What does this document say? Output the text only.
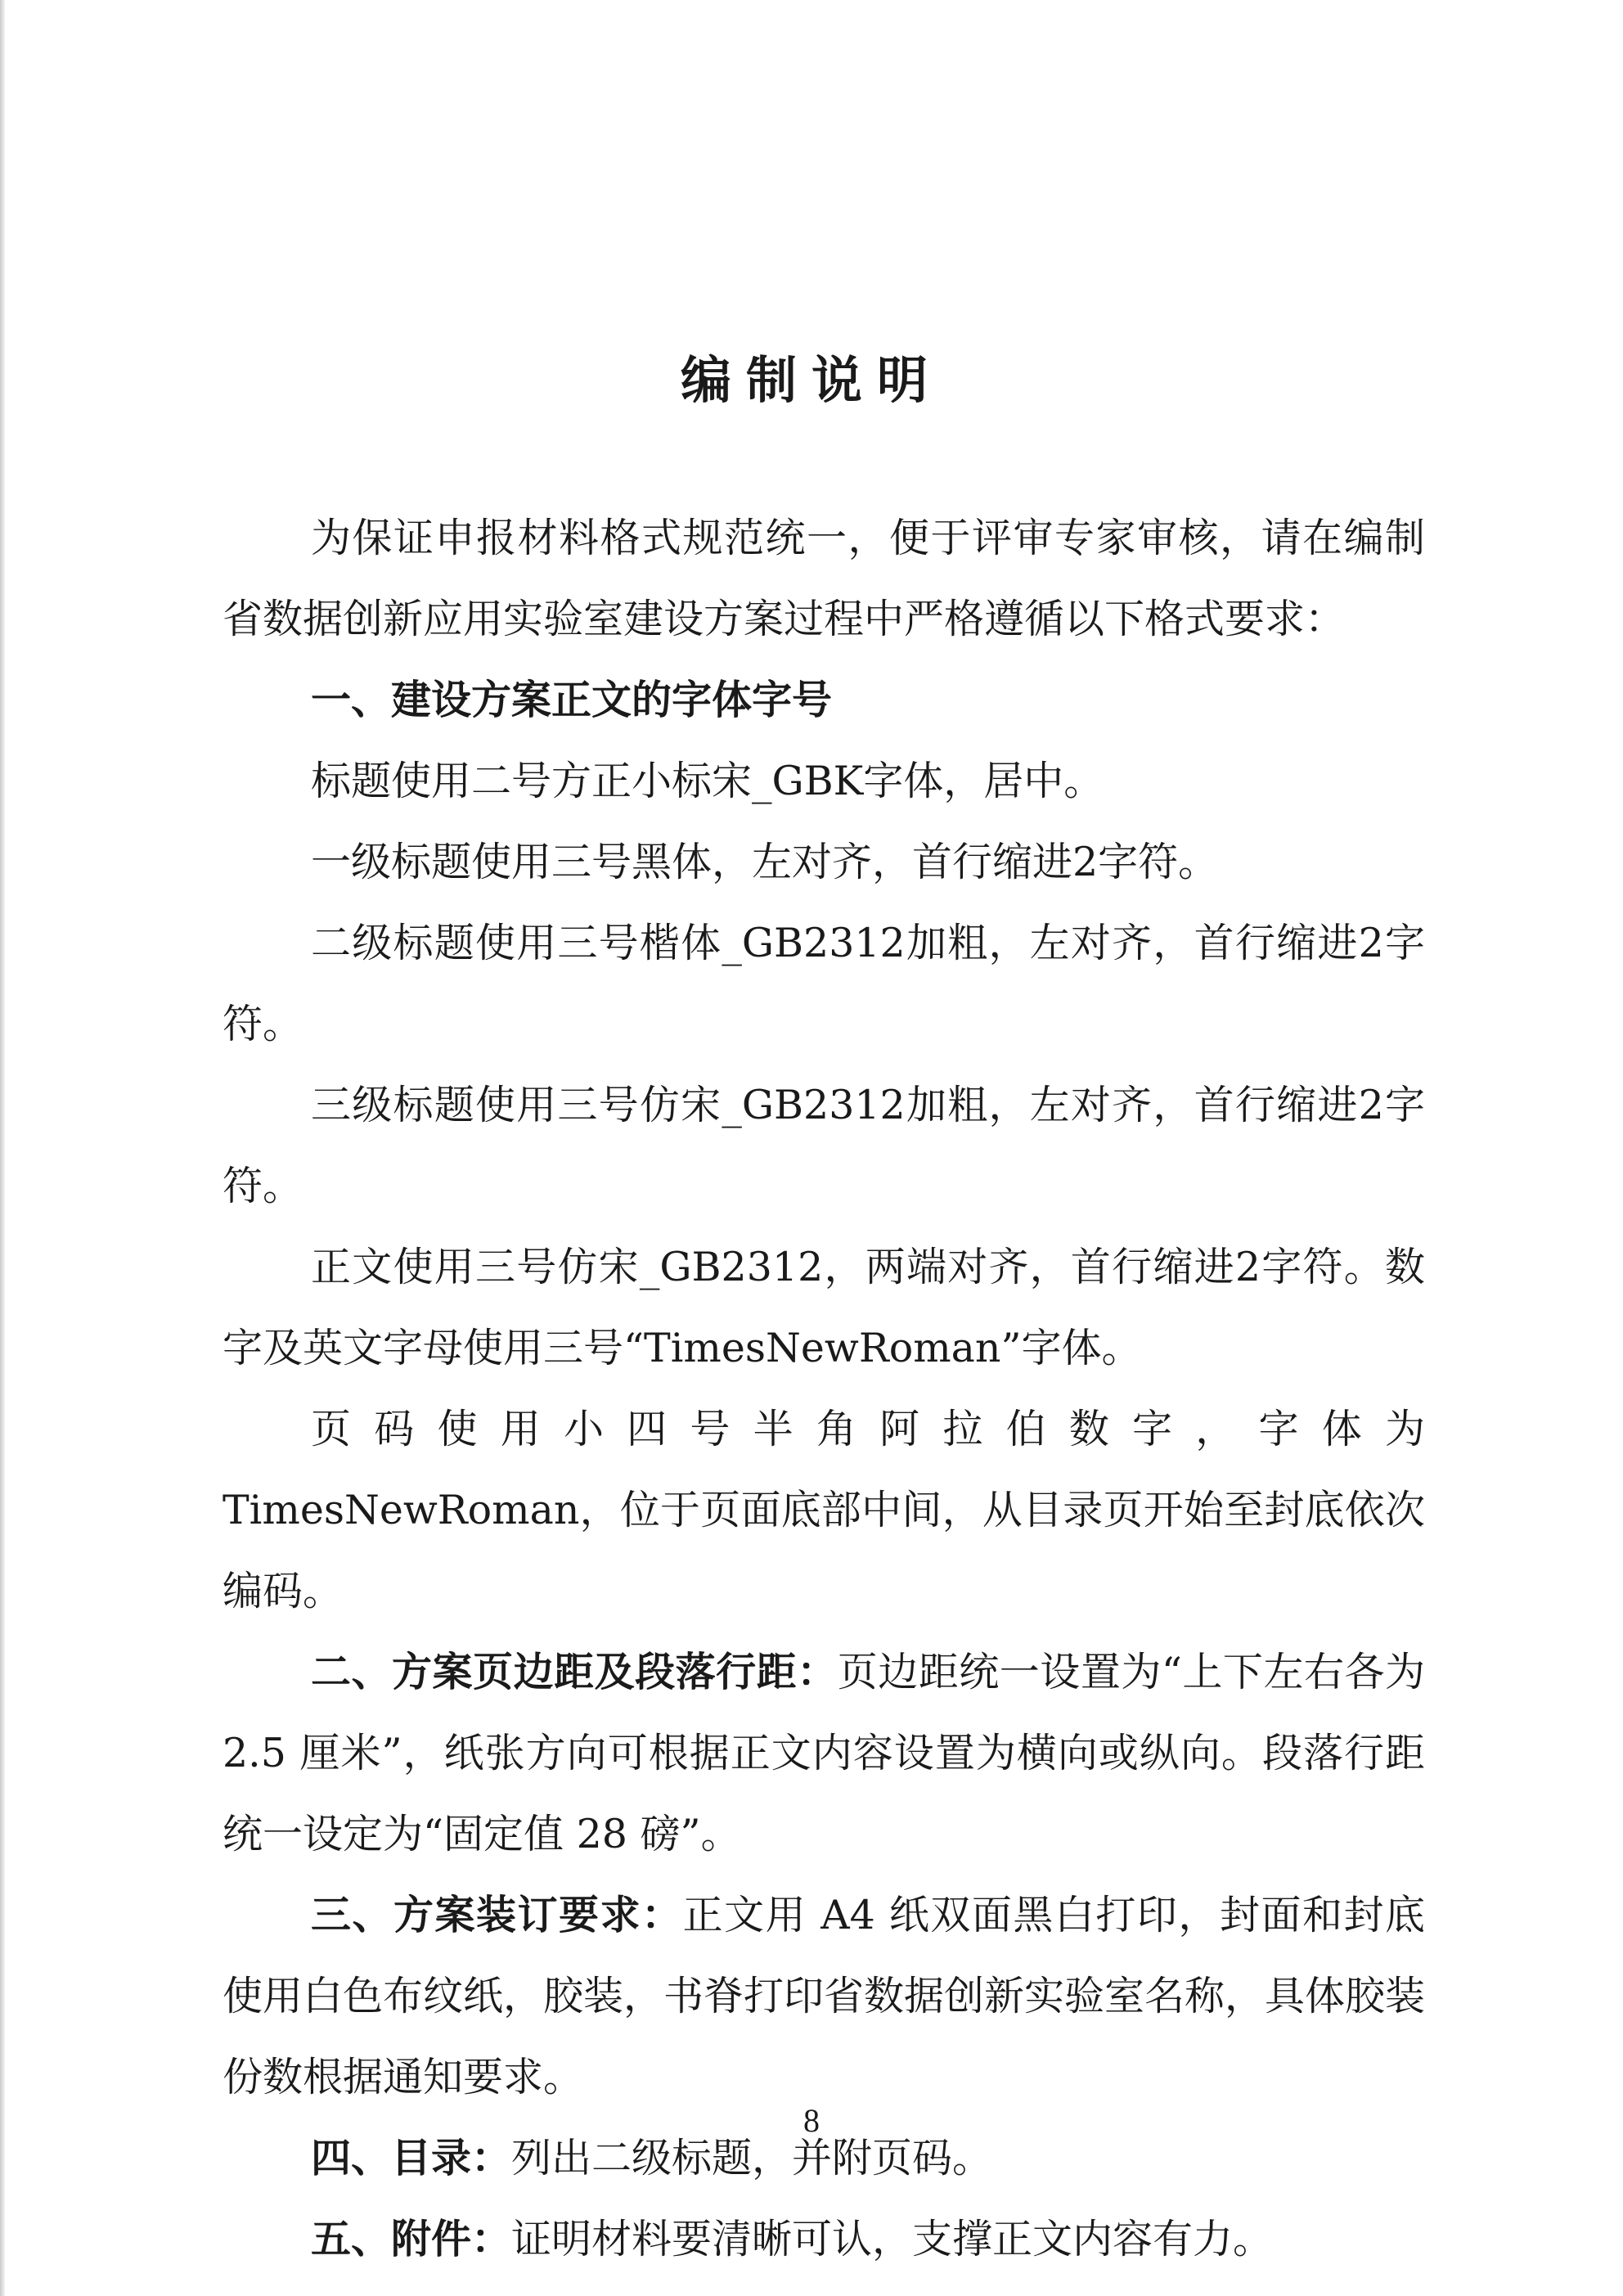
编制说明

为保证申报材料格式规范统一，便于评审专家审核，请在编制省数据创新应用实验室建设方案过程中严格遵循以下格式要求：

一、建设方案正文的字体字号

标题使用二号方正小标宋_GBK字体，居中。

一级标题使用三号黑体，左对齐，首行缩进2字符。

二级标题使用三号楷体_GB2312加粗，左对齐，首行缩进2字符。

三级标题使用三号仿宋_GB2312加粗，左对齐，首行缩进2字符。

正文使用三号仿宋_GB2312，两端对齐，首行缩进2字符。数字及英文字母使用三号“TimesNewRoman”字体。

页码使用小四号半角阿拉伯数字，字体为TimesNewRoman，位于页面底部中间，从目录页开始至封底依次编码。

二、方案页边距及段落行距：页边距统一设置为“上下左右各为 2.5 厘米”，纸张方向可根据正文内容设置为横向或纵向。段落行距统一设定为“固定值 28 磅”。

三、方案装订要求：正文用 A4 纸双面黑白打印，封面和封底使用白色布纹纸，胶装，书脊打印省数据创新实验室名称，具体胶装份数根据通知要求。

四、目录：列出二级标题，并附页码。

五、附件：证明材料要清晰可认，支撑正文内容有力。

8
